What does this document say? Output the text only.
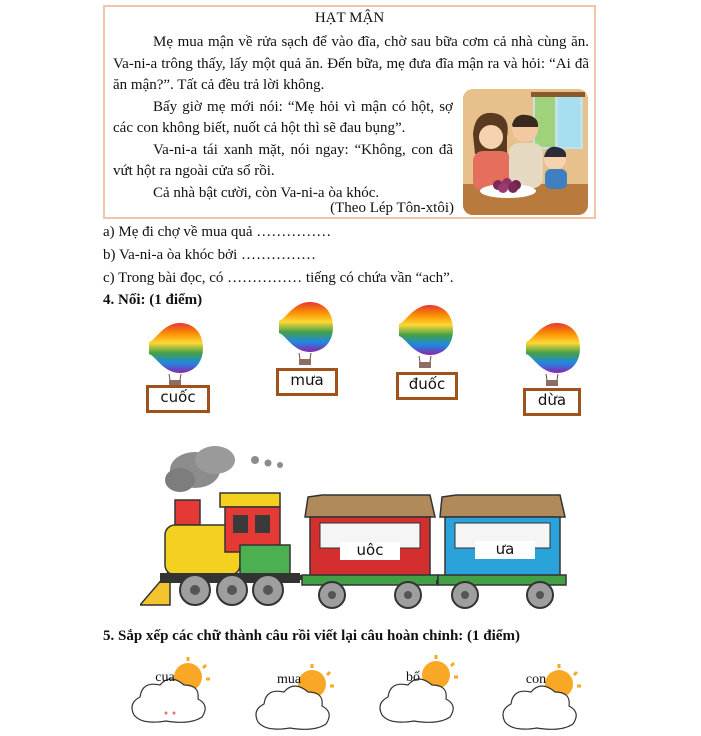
HẠT MẬN
Mẹ mua mận về rửa sạch để vào đĩa, chờ sau bữa cơm cả nhà cùng ăn. Va-ni-a trông thấy, lấy một quả ăn. Đến bữa, mẹ đưa đĩa mận ra và hỏi: “Ai đã ăn mận?”. Tất cả đều trả lời không.
Bấy giờ mẹ mới nói: “Mẹ hỏi vì mận có hột, sợ các con không biết, nuốt cả hột thì sẽ đau bụng”.
Va-ni-a tái xanh mặt, nói ngay: “Không, con đã vứt hột ra ngoài cửa sổ rồi.
Cả nhà bật cười, còn Va-ni-a òa khóc.
(Theo Lép Tôn-xtôi)
a) Mẹ đi chợ về mua quả ……………
b) Va-ni-a òa khóc bởi ……………
c) Trong bài đọc, có …………… tiếng có chứa vần “ach”.
4. Nối: (1 điểm)
cuốc
mưa	đuốc
dừa
uôc	ưa
5. Sắp xếp các chữ thành câu rồi viết lại câu hoàn chỉnh: (1 điểm)
cua	mua	bố	con
